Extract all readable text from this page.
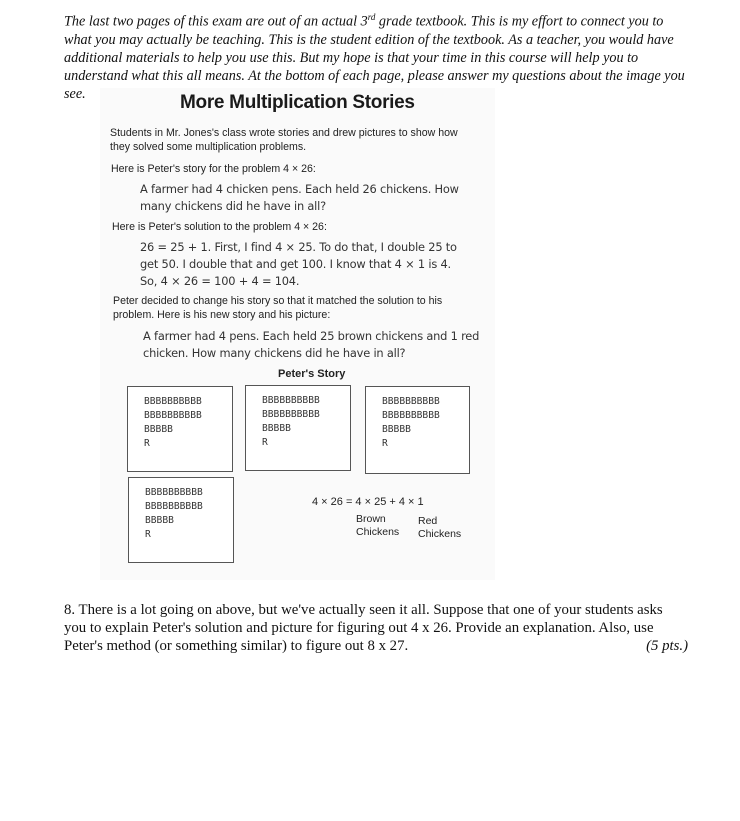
The last two pages of this exam are out of an actual 3rd grade textbook. This is my effort to connect you to what you may actually be teaching. This is the student edition of the textbook. As a teacher, you would have additional materials to help you use this. But my hope is that your time in this course will help you to understand what this all means. At the bottom of each page, please answer my questions about the image you see.	More Multiplication Stories
Students in Mr. Jones's class wrote stories and drew pictures to show how
they solved some multiplication problems.
Here is Peter's story for the problem 4 × 26:
A farmer had 4 chicken pens. Each held 26 chickens. How
many chickens did he have in all?
Here is Peter's solution to the problem 4 × 26:
26 = 25 + 1. First, I find 4 × 25. To do that, I double 25 to
get 50. I double that and get 100. I know that 4 × 1 is 4.
So, 4 × 26 = 100 + 4 = 104.
Peter decided to change his story so that it matched the solution to his
problem. Here is his new story and his picture:
A farmer had 4 pens. Each held 25 brown chickens and 1 red
chicken. How many chickens did he have in all?
Peter's Story
BBBBBBBBBB
BBBBBBBBBB
BBBBB
R
BBBBBBBBBB
BBBBBBBBBB
BBBBB
R
BBBBBBBBBB
BBBBBBBBBB
BBBBB
R
BBBBBBBBBB
BBBBBBBBBB
BBBBB
R
4 × 26 = 4 × 25 + 4 × 1
Brown
Chickens
Red
Chickens
8. There is a lot going on above, but we've actually seen it all. Suppose that one of your students asks you to explain Peter's solution and picture for figuring out 4 x 26. Provide an explanation. Also, use Peter's method (or something similar) to figure out 8 x 27.	(5 pts.)
